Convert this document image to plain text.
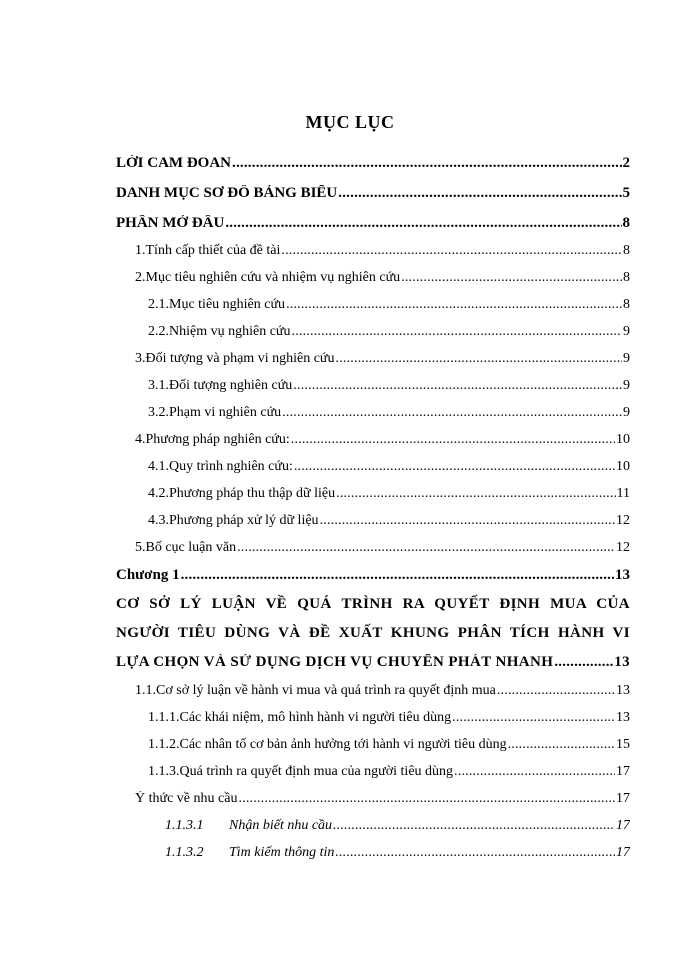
MỤC LỤC
LỜI CAM ĐOAN .....	2
DANH MỤC SƠ ĐỒ BẢNG BIỂU .....	5
PHẦN MỞ ĐẦU .....	8
1.Tính cấp thiết của đề tài .....	8
2.Mục tiêu nghiên cứu và nhiệm vụ nghiên cứu .....	8
2.1.Mục tiêu nghiên cứu .....	8
2.2.Nhiệm vụ nghiên cứu .....	9
3.Đối tượng và phạm vi nghiên cứu .....	9
3.1.Đối tượng nghiên cứu .....	9
3.2.Phạm vi nghiên cứu .....	9
4.Phương pháp nghiên cứu: .....	10
4.1.Quy trình nghiên cứu: .....	10
4.2.Phương pháp thu thập dữ liệu .....	11
4.3.Phương pháp xử lý dữ liệu .....	12
5.Bố cục luận văn .....	12
Chương 1 .....	13
CƠ SỞ LÝ LUẬN VỀ QUÁ TRÌNH RA QUYẾT ĐỊNH MUA CỦA
NGƯỜI TIÊU DÙNG VÀ ĐỀ XUẤT KHUNG PHÂN TÍCH HÀNH VI
LỰA CHỌN VÀ SỬ DỤNG DỊCH VỤ CHUYỂN PHÁT NHANH .....	13
1.1.Cơ sở lý luận về hành vi mua và quá trình ra quyết định mua .....	13
1.1.1.Các khái niệm, mô hình hành vi người tiêu dùng .....	13
1.1.2.Các nhân tố cơ bản ảnh hưởng tới hành vi người tiêu dùng .....	15
1.1.3.Quá trình ra quyết định mua của người tiêu dùng .....	17
Ý thức về nhu cầu .....	17
1.1.3.1 Nhận biết nhu cầu .....	17
1.1.3.2 Tìm kiếm thông tin .....	17
